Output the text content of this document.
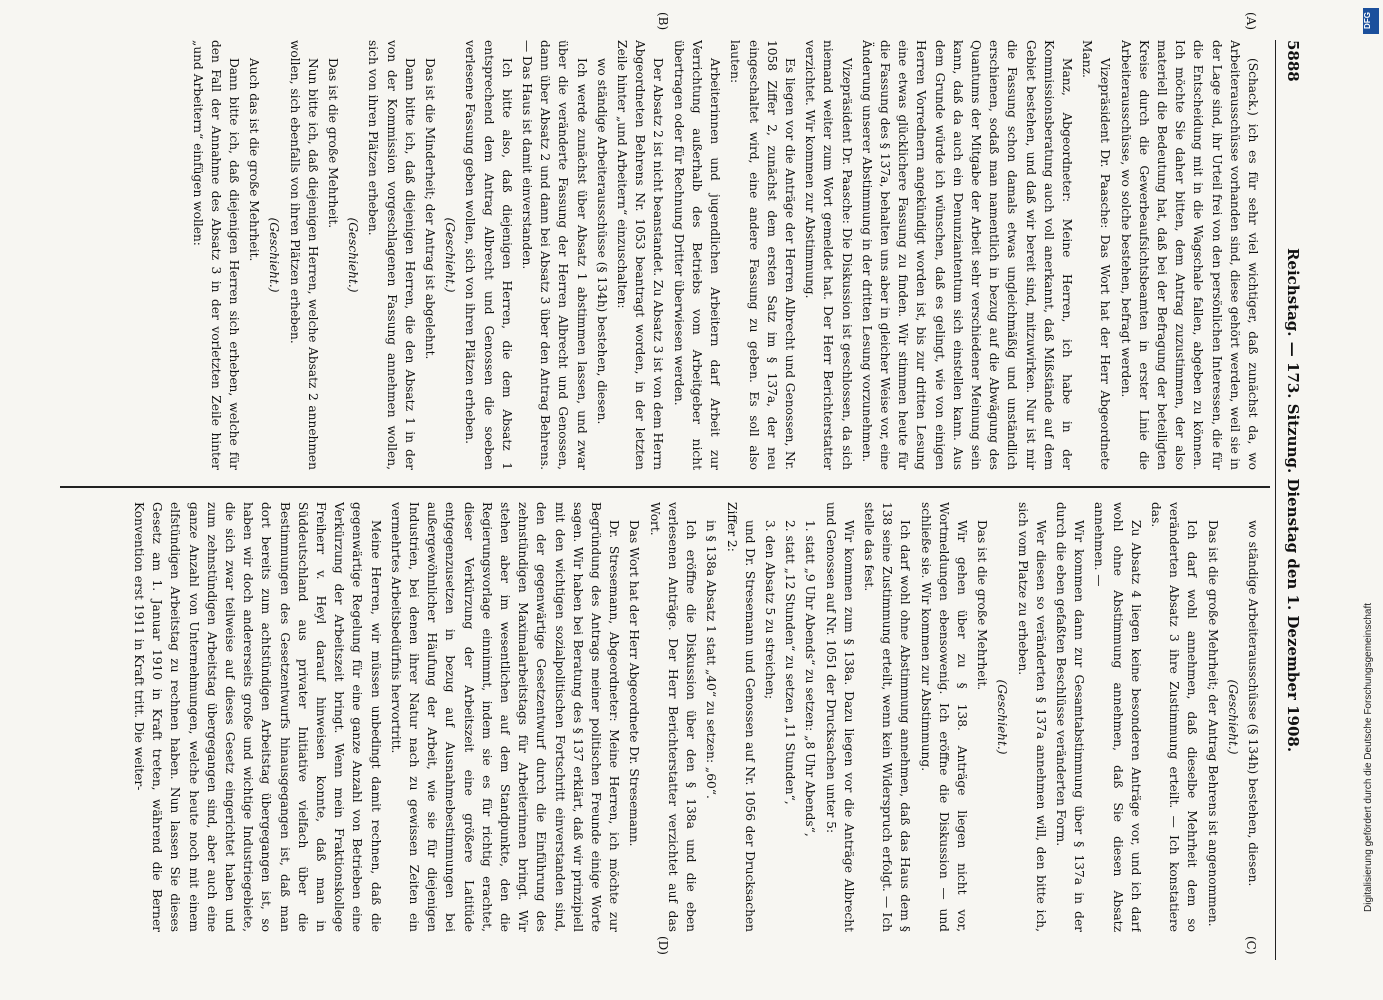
5888
Reichstag. — 173. Sitzung. Dienstag den 1. Dezember 1908.
(A)
(B)
(C)
(D)

(Schack.) ich es für sehr viel wichtiger, daß zunächst da, wo Arbeiterausschüsse vorhanden sind, diese gehört werden, weil sie in der Lage sind, ihr Urteil frei von den persönlichen Interessen, die für die Entscheidung mit in die Wagschale fallen, abgeben zu können. Ich möchte Sie daher bitten, dem Antrag zuzustimmen, der also materiell die Bedeutung hat, daß bei der Befragung der beteiligten Kreise durch die Gewerbeaufsichtsbeamten in erster Linie die Arbeiterausschüsse, wo solche bestehen, befragt werden.

Vizepräsident Dr. Paasche: Das Wort hat der Herr Abgeordnete Manz.

Manz, Abgeordneter: Meine Herren, ich habe in der Kommissionsberatung auch voll anerkannt, daß Mißstände auf dem Gebiet bestehen, und daß wir bereit sind, mitzuwirken. Nur ist mir die Fassung schon damals etwas ungleichmäßig und unständlich erschienen, sodaß man namentlich in bezug auf die Abwägung des Quantums der Mitgabe der Arbeit sehr verschiedener Meinung sein kann, daß da auch ein Denunziantentum sich einstellen kann. Aus dem Grunde würde ich wünschen, daß es gelingt, wie von einigen Herren Vorrednern angekündigt worden ist, bis zur dritten Lesung eine etwas glücklichere Fassung zu finden. Wir stimmen heute für die Fassung des § 137a, behalten uns aber in gleicher Weise vor, eine Änderung unserer Abstimmung in der dritten Lesung vorzunehmen.

Vizepräsident Dr. Paasche: Die Diskussion ist geschlossen, da sich niemand weiter zum Wort gemeldet hat. Der Herr Berichterstatter verzichtet. Wir kommen zur Abstimmung.

Es liegen vor die Anträge der Herren Albrecht und Genossen, Nr. 1058 Ziffer 2, zunächst dem ersten Satz im § 137a, der neu eingeschaltet wird, eine andere Fassung zu geben. Es soll also lauten:

Arbeiterinnen und jugendlichen Arbeitern darf Arbeit zur Verrichtung außerhalb des Betriebs vom Arbeitgeber nicht übertragen oder für Rechnung Dritter überwiesen werden.

Der Absatz 2 ist nicht beanstandet. Zu Absatz 3 ist von dem Herrn Abgeordneten Behrens Nr. 1053 beantragt worden, in der letzten Zeile hinter „und Arbeitern“ einzuschalten:

wo ständige Arbeiterausschüsse (§ 134h) bestehen, diesen.

Ich werde zunächst über Absatz 1 abstimmen lassen, und zwar über die veränderte Fassung der Herren Albrecht und Genossen, dann über Absatz 2 und dann bei Absatz 3 über den Antrag Behrens. — Das Haus ist damit einverstanden.

Ich bitte also, daß diejenigen Herren, die dem Absatz 1 entsprechend dem Antrag Albrecht und Genossen die soeben verlesene Fassung geben wollen, sich von ihren Plätzen erheben.

(Geschieht.)

Das ist die Minderheit; der Antrag ist abgelehnt.

Dann bitte ich, daß diejenigen Herren, die den Absatz 1 in der von der Kommission vorgeschlagenen Fassung annehmen wollen, sich von ihren Plätzen erheben.

(Geschieht.)

Das ist die große Mehrheit.

Nun bitte ich, daß diejenigen Herren, welche Absatz 2 annehmen wollen, sich ebenfalls von ihren Plätzen erheben.

(Geschieht.)

Auch das ist die große Mehrheit.

Dann bitte ich, daß diejenigen Herren sich erheben, welche für den Fall der Annahme des Absatz 3 in der vorletzten Zeile hinter „und Arbeitern“ einfügen wollen:

wo ständige Arbeiterausschüsse (§ 134h) bestehen, diesen.

(Geschieht.)

Das ist die große Mehrheit; der Antrag Behrens ist angenommen.

Ich darf wohl annehmen, daß dieselbe Mehrheit dem so veränderten Absatz 3 ihre Zustimmung erteilt. — Ich konstatiere das.

Zu Absatz 4 liegen keine besonderen Anträge vor, und ich darf wohl ohne Abstimmung annehmen, daß Sie diesen Absatz annehmen. —

Wir kommen dann zur Gesamtabstimmung über § 137a in der durch die eben gefaßten Beschlüsse veränderten Form.

Wer diesen so veränderten § 137a annehmen will, den bitte ich, sich vom Platze zu erheben.

(Geschieht.)

Das ist die große Mehrheit.

Wir gehen über zu § 138. Anträge liegen nicht vor, Wortmeldungen ebensowenig. Ich eröffne die Diskussion — und schließe sie. Wir kommen zur Abstimmung.

Ich darf wohl ohne Abstimmung annehmen, daß das Haus dem § 138 seine Zustimmung erteilt, wenn kein Widerspruch erfolgt. — Ich stelle das fest.

Wir kommen zum § 138a. Dazu liegen vor die Anträge Albrecht und Genossen auf Nr. 1051 der Drucksachen unter 5:

1. statt „9 Uhr Abends“ zu setzen: „8 Uhr Abends“,

2. statt „12 Stunden“ zu setzen „11 Stunden“,

3. den Absatz 5 zu streichen;

und Dr. Stresemann und Genossen auf Nr. 1056 der Drucksachen Ziffer 2:

in § 138a Absatz 1 statt „40“ zu setzen: „60“.

Ich eröffne die Diskussion über den § 138a und die eben verlesenen Anträge. Der Herr Berichterstatter verzichtet auf das Wort.

Das Wort hat der Herr Abgeordnete Dr. Stresemann.

Dr. Stresemann, Abgeordneter: Meine Herren, ich möchte zur Begründung des Antrags meiner politischen Freunde einige Worte sagen. Wir haben bei Beratung des § 137 erklärt, daß wir prinzipiell mit den wichtigen sozialpolitischen Fortschritt einverstanden sind, den der gegenwärtige Gesetzentwurf durch die Einführung des zehnstündigen Maximalarbeitstags für Arbeiterinnen bringt. Wir stehen aber im wesentlichen auf dem Standpunkte, den die Regierungsvorlage einnimmt, indem sie es für richtig erachtet, dieser Verkürzung der Arbeitszeit eine größere Latitüde entgegenzusetzen in bezug auf Ausnahmebestimmungen bei außergewöhnlicher Häufung der Arbeit, wie sie für diejenigen Industrien, bei denen ihrer Natur nach zu gewissen Zeiten ein vermehrtes Arbeitsbedürfnis hervortritt.

Meine Herren, wir müssen unbedingt damit rechnen, daß die gegenwärtige Regelung für eine ganze Anzahl von Betrieben eine Verkürzung der Arbeitszeit bringt. Wenn mein Fraktionskollege Freiherr v. Heyl darauf hinweisen konnte, daß man in Süddeutschland aus privater Initiative vielfach über die Bestimmungen des Gesetzentwurfs hinausgegangen ist, daß man dort bereits zum achtstündigen Arbeitstag übergegangen ist, so haben wir doch andererseits große und wichtige Industriegebiete, die sich zwar teilweise auf dieses Gesetz eingerichtet haben und zum zehnstündigen Arbeitstag übergegangen sind, aber auch eine ganze Anzahl von Unternehmungen, welche heute noch mit einem elfstündigen Arbeitstag zu rechnen haben. Nun lassen Sie dieses Gesetz am 1. Januar 1910 in Kraft treten, während die Berner Konvention erst 1911 in Kraft tritt. Die weiter-	Digitalisierung gefördert durch die Deutsche Forschungsgemeinschaft
DFG
